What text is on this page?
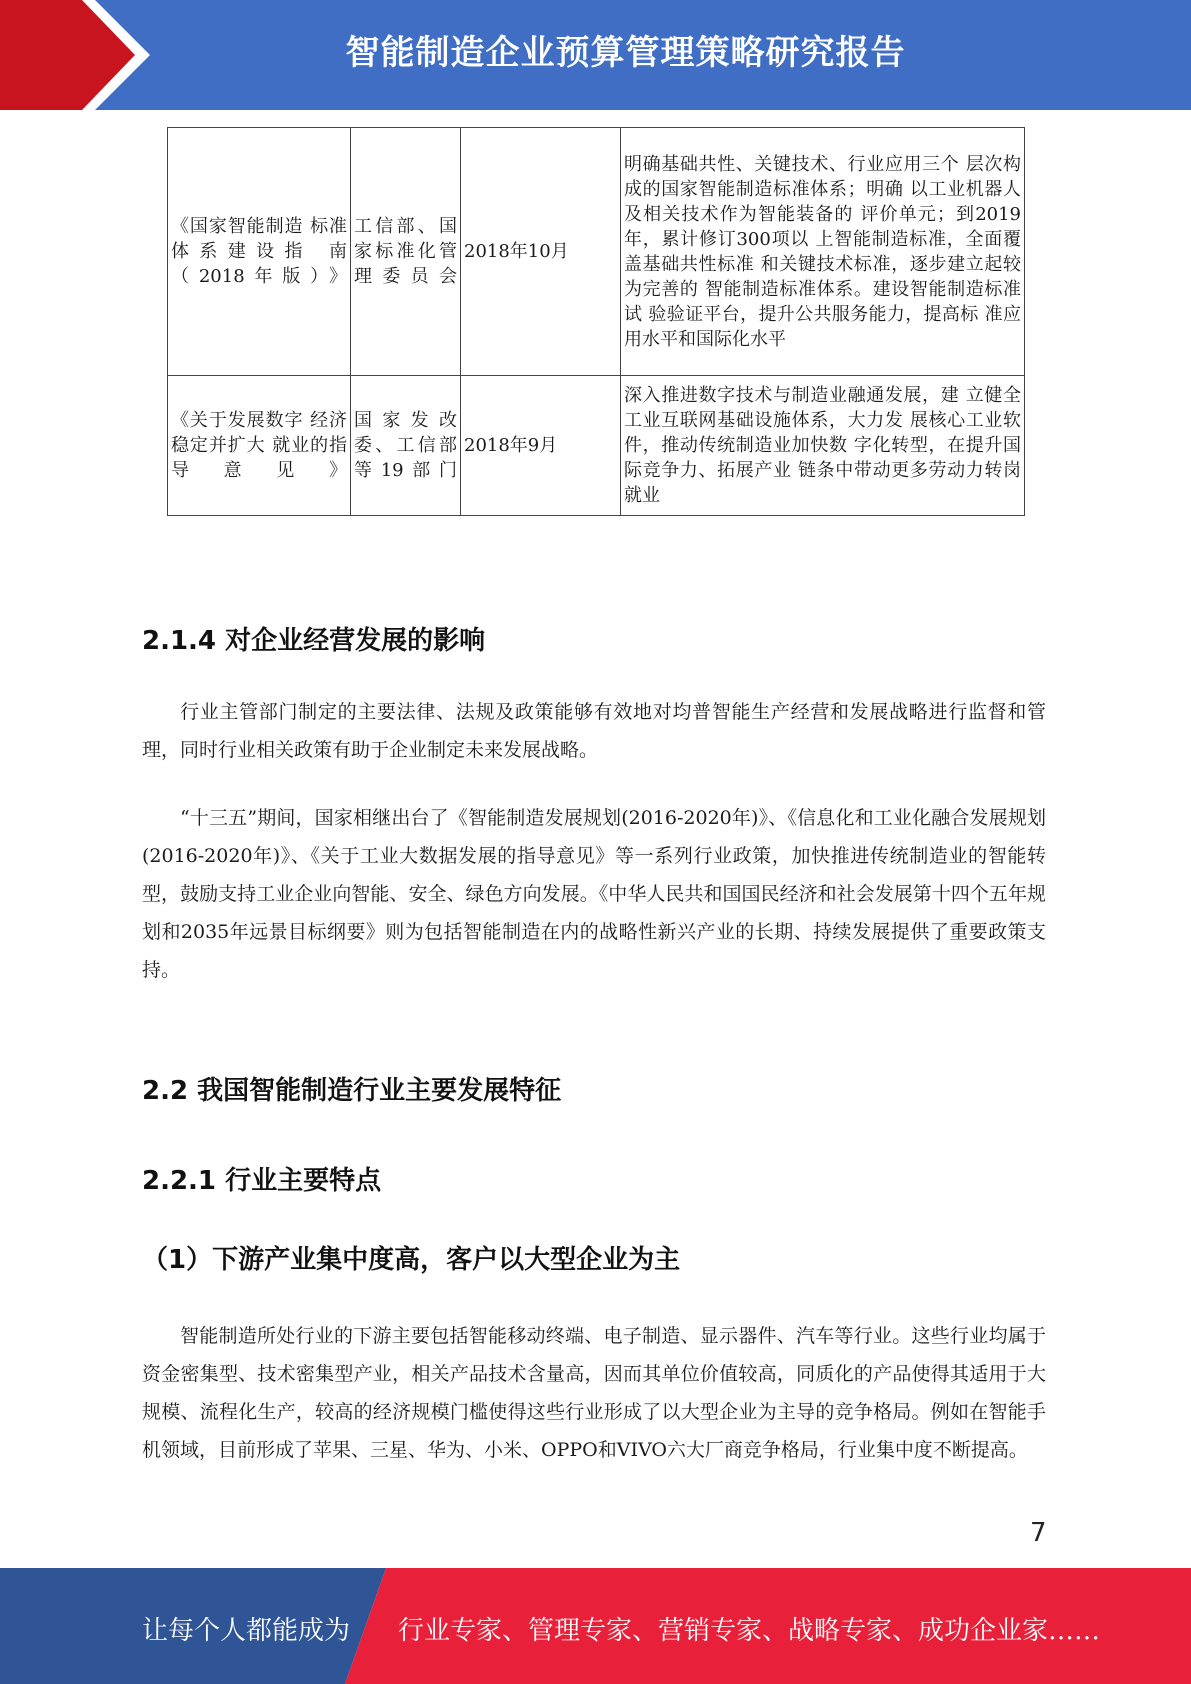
智能制造企业预算管理策略研究报告
《国家智能制造 标准体系建设指 南（2018年版）》	工信部、国家标准化管理委员会	2018年10月	明确基础共性、关键技术、行业应用三个 层次构成的国家智能制造标准体系；明确 以工业机器人及相关技术作为智能装备的 评价单元；到2019年，累计修订300项以 上智能制造标准，全面覆盖基础共性标准 和关键技术标准，逐步建立起较为完善的 智能制造标准体系。建设智能制造标准试 验验证平台，提升公共服务能力，提高标 准应用水平和国际化水平
《关于发展数字 经济稳定并扩大 就业的指导意见》	国家发改委、工信部等19部门	2018年9月	深入推进数字技术与制造业融通发展，建 立健全工业互联网基础设施体系，大力发 展核心工业软件，推动传统制造业加快数 字化转型，在提升国际竞争力、拓展产业 链条中带动更多劳动力转岗就业
2.1.4 对企业经营发展的影响
行业主管部门制定的主要法律、法规及政策能够有效地对均普智能生产经营和发展战略进行监督和管理，同时行业相关政策有助于企业制定未来发展战略。
“十三五”期间，国家相继出台了《智能制造发展规划(2016-2020年)》、《信息化和工业化融合发展规划(2016-2020年)》、《关于工业大数据发展的指导意见》等一系列行业政策，加快推进传统制造业的智能转型，鼓励支持工业企业向智能、安全、绿色方向发展。《中华人民共和国国民经济和社会发展第十四个五年规划和2035年远景目标纲要》则为包括智能制造在内的战略性新兴产业的长期、持续发展提供了重要政策支持。
2.2 我国智能制造行业主要发展特征
2.2.1 行业主要特点
（1）下游产业集中度高，客户以大型企业为主
智能制造所处行业的下游主要包括智能移动终端、电子制造、显示器件、汽车等行业。这些行业均属于资金密集型、技术密集型产业，相关产品技术含量高，因而其单位价值较高，同质化的产品使得其适用于大规模、流程化生产，较高的经济规模门槛使得这些行业形成了以大型企业为主导的竞争格局。例如在智能手机领域，目前形成了苹果、三星、华为、小米、OPPO和VIVO六大厂商竞争格局，行业集中度不断提高。
7
让每个人都能成为 行业专家、管理专家、营销专家、战略专家、成功企业家……
